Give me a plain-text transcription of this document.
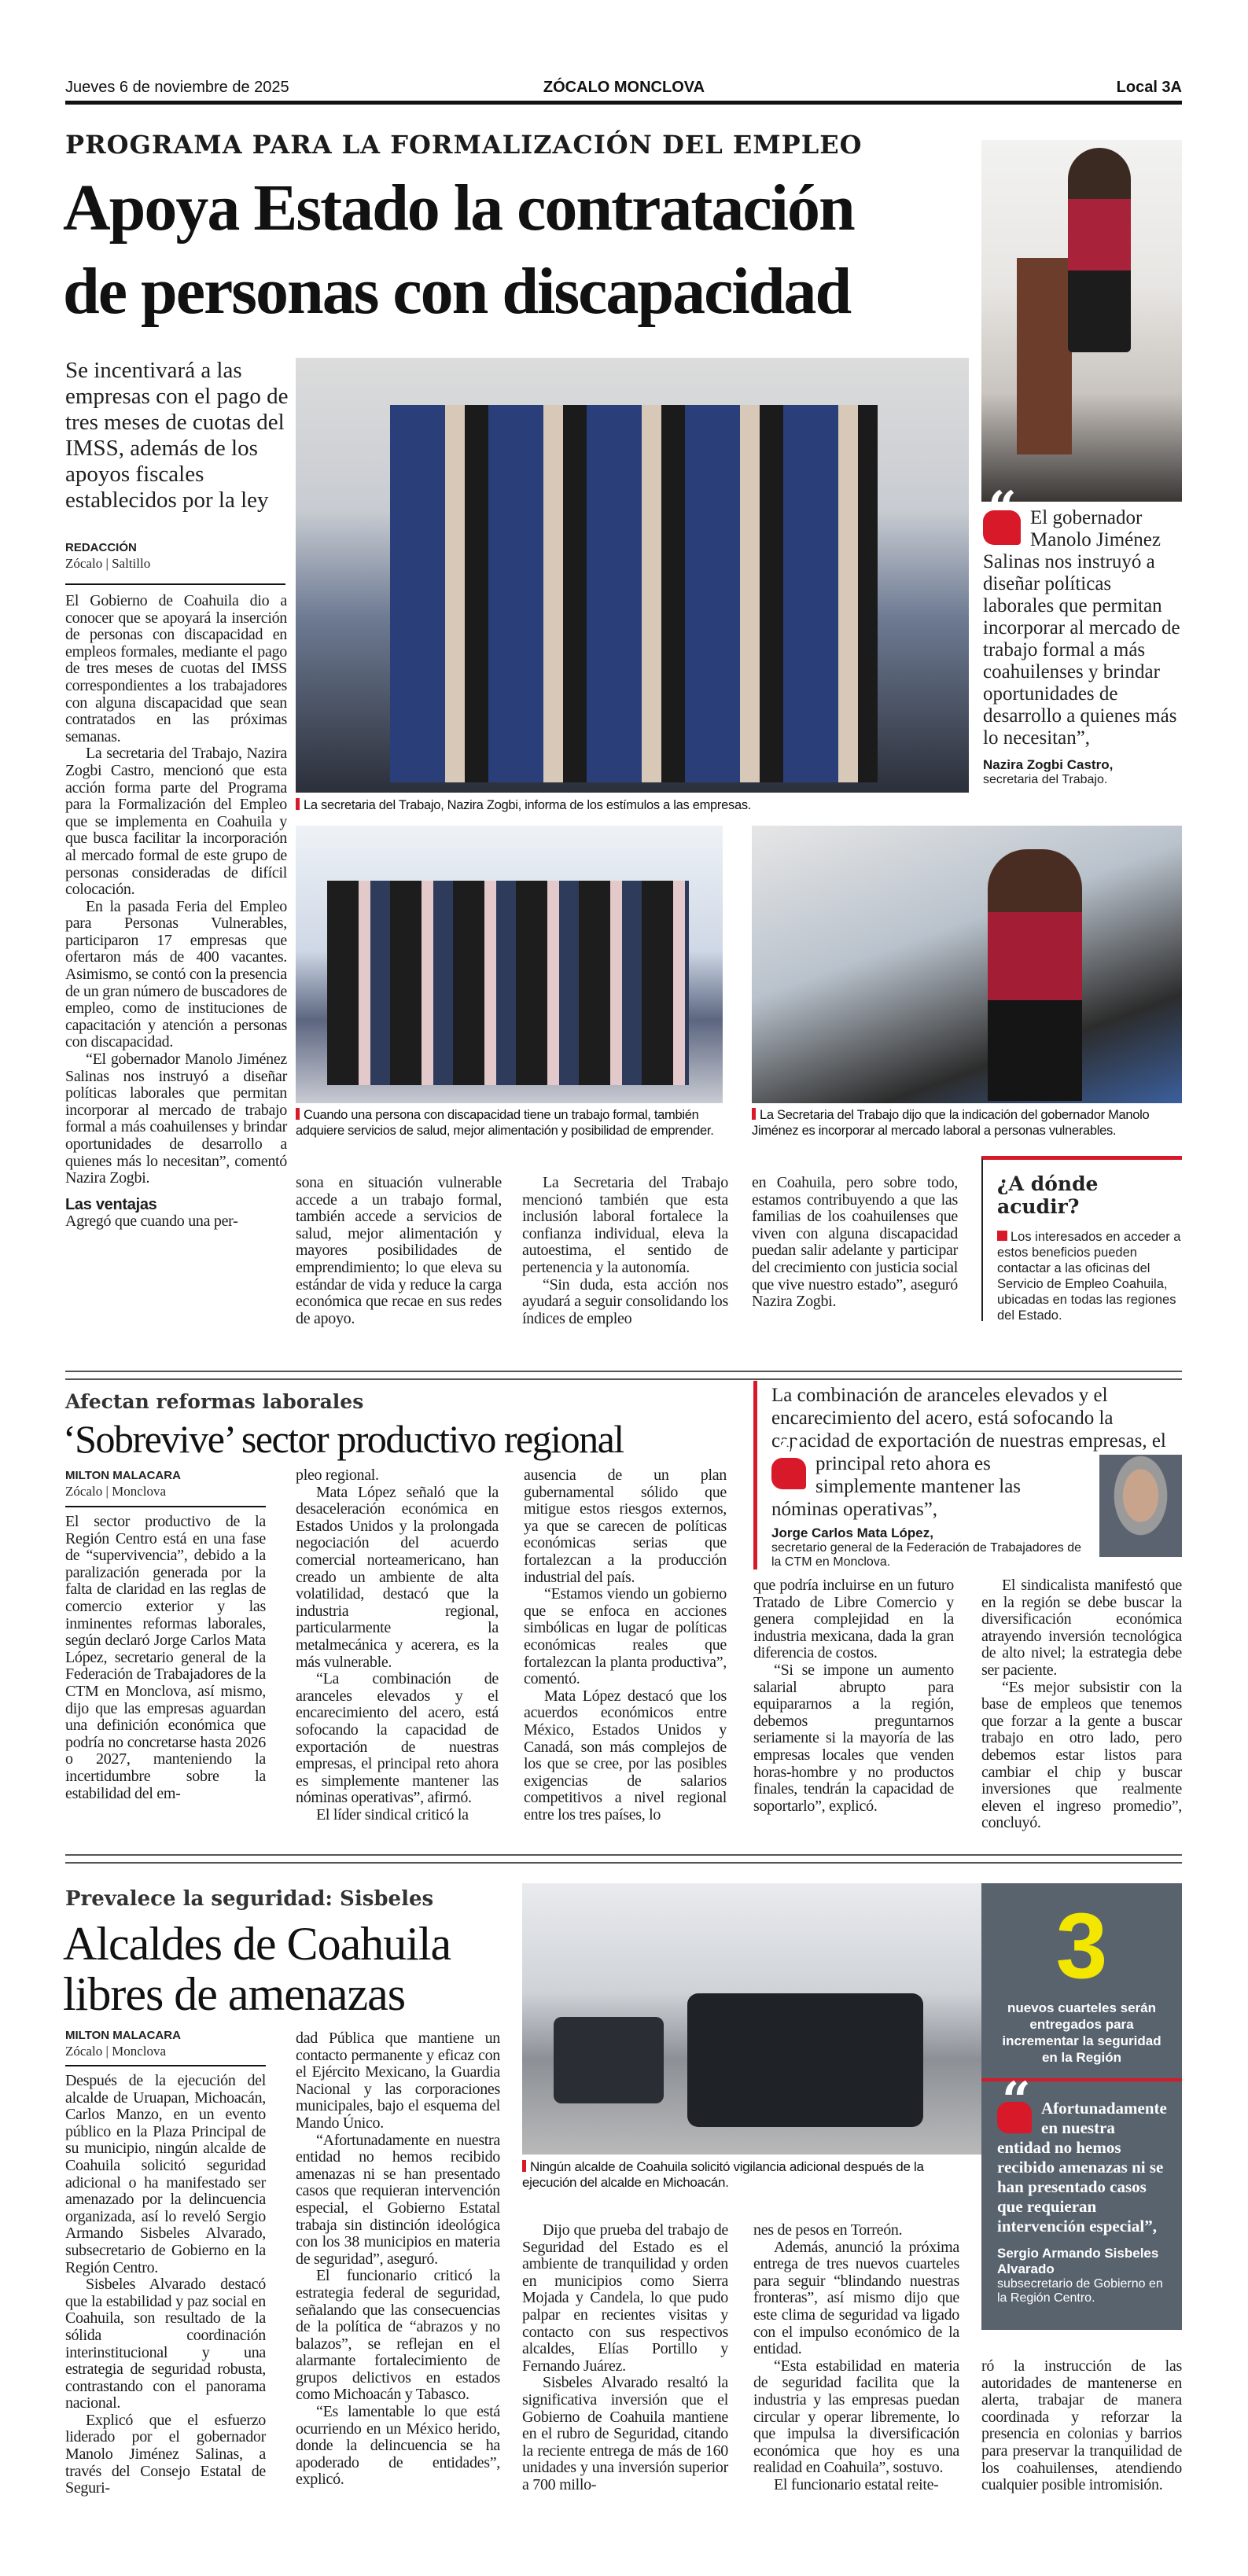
Jueves 6 de noviembre de 2025	ZÓCALO MONCLOVA	Local 3A
PROGRAMA PARA LA FORMALIZACIÓN DEL EMPLEO
Apoya Estado la contratación
de personas con discapacidad
Se incentivará a las empresas con el pago de tres meses de cuotas del IMSS, además de los apoyos fiscales establecidos por la ley
REDACCIÓN
Zócalo | Saltillo

El Gobierno de Coahuila dio a conocer que se apoyará la inserción de personas con discapacidad en empleos formales, mediante el pago de tres meses de cuotas del IMSS correspondientes a los trabajadores con alguna discapacidad que sean contratados en las próximas semanas.

La secretaria del Trabajo, Nazira Zogbi Castro, mencionó que esta acción forma parte del Programa para la Formalización del Empleo que se implementa en Coahuila y que busca facilitar la incorporación al mercado formal de este grupo de personas consideradas de difícil colocación.

En la pasada Feria del Empleo para Personas Vulnerables, participaron 17 empresas que ofertaron más de 400 vacantes. Asimismo, se contó con la presencia de un gran número de buscadores de empleo, como de instituciones de capacitación y atención a personas con discapacidad.

“El gobernador Manolo Jiménez Salinas nos instruyó a diseñar políticas laborales que permitan incorporar al mercado de trabajo formal a más coahuilenses y brindar oportunidades de desarrollo a quienes más lo necesitan”, comentó Nazira Zogbi.

Las ventajas

Agregó que cuando una per-

La secretaria del Trabajo, Nazira Zogbi, informa de los estímulos a las empresas.
“
El gobernador Manolo Jiménez Salinas nos instruyó a diseñar políticas laborales que permitan incorporar al mercado de trabajo formal a más coahuilenses y brindar oportunidades de desarrollo a quienes más lo necesitan”,
Nazira Zogbi Castro,
secretaria del Trabajo.
Cuando una persona con discapacidad tiene un trabajo formal, también adquiere servicios de salud, mejor alimentación y posibilidad de emprender.
La Secretaria del Trabajo dijo que la indicación del gobernador Manolo Jiménez es incorporar al mercado laboral a personas vulnerables.

sona en situación vulnerable accede a un trabajo formal, también accede a servicios de salud, mejor alimentación y mayores posibilidades de emprendimiento; lo que eleva su estándar de vida y reduce la carga económica que recae en sus redes de apoyo.

La Secretaria del Trabajo mencionó también que esta inclusión laboral fortalece la confianza individual, eleva la autoestima, el sentido de pertenencia y la autonomía.

“Sin duda, esta acción nos ayudará a seguir consolidando los índices de empleo

en Coahuila, pero sobre todo, estamos contribuyendo a que las familias de los coahuilenses que viven con alguna discapacidad puedan salir adelante y participar del crecimiento con justicia social que vive nuestro estado”, aseguró Nazira Zogbi.

¿A dónde acudir?
Los interesados en acceder a estos beneficios pueden contactar a las oficinas del Servicio de Empleo Coahuila, ubicadas en todas las regiones del Estado.
Afectan reformas laborales
‘Sobrevive’ sector productivo regional
MILTON MALACARA
Zócalo | Monclova

El sector productivo de la Región Centro está en una fase de “supervivencia”, debido a la paralización generada por la falta de claridad en las reglas de comercio exterior y las inminentes reformas laborales, según declaró Jorge Carlos Mata López, secretario general de la Federación de Trabajadores de la CTM en Monclova, así mismo, dijo que las empresas aguardan una definición económica que podría no concretarse hasta 2026 o 2027, manteniendo la incertidumbre sobre la estabilidad del em-

pleo regional.

Mata López señaló que la desaceleración económica en Estados Unidos y la prolongada negociación del acuerdo comercial norteamericano, han creado un ambiente de alta volatilidad, destacó que la industria regional, particularmente la metalmecánica y acerera, es la más vulnerable.

“La combinación de aranceles elevados y el encarecimiento del acero, está sofocando la capacidad de exportación de nuestras empresas, el principal reto ahora es simplemente mantener las nóminas operativas”, afirmó.

El líder sindical criticó la

ausencia de un plan gubernamental sólido que mitigue estos riesgos externos, ya que se carecen de políticas económicas serias que fortalezcan a la producción industrial del país.

“Estamos viendo un gobierno que se enfoca en acciones simbólicas en lugar de políticas económicas reales que fortalezcan la planta productiva”, comentó.

Mata López destacó que los acuerdos económicos entre México, Estados Unidos y Canadá, son más complejos de los que se cree, por las posibles exigencias de salarios competitivos a nivel regional entre los tres países, lo

“
La combinación de aranceles elevados y el encarecimiento del acero, está sofocando la capacidad de exportación de nuestras empresas, el principal reto ahora es simplemente mantener las nóminas operativas”,
Jorge Carlos Mata López,
secretario general de la Federación de Trabajadores de la CTM en Monclova.

que podría incluirse en un futuro Tratado de Libre Comercio y genera complejidad en la industria mexicana, dada la gran diferencia de costos.

“Si se impone un aumento salarial abrupto para equipararnos a la región, debemos preguntarnos seriamente si la mayoría de las empresas locales que venden horas-hombre y no productos finales, tendrán la capacidad de soportarlo”, explicó.

El sindicalista manifestó que en la región se debe buscar la diversificación económica atrayendo inversión tecnológica de alto nivel; la estrategia debe ser paciente.

“Es mejor subsistir con la base de empleos que tenemos que forzar a la gente a buscar trabajo en otro lado, pero debemos estar listos para cambiar el chip y buscar inversiones que realmente eleven el ingreso promedio”, concluyó.

Prevalece la seguridad: Sisbeles
Alcaldes de Coahuila
libres de amenazas
MILTON MALACARA
Zócalo | Monclova

Después de la ejecución del alcalde de Uruapan, Michoacán, Carlos Manzo, en un evento público en la Plaza Principal de su municipio, ningún alcalde de Coahuila solicitó seguridad adicional o ha manifestado ser amenazado por la delincuencia organizada, así lo reveló Sergio Armando Sisbeles Alvarado, subsecretario de Gobierno en la Región Centro.

Sisbeles Alvarado destacó que la estabilidad y paz social en Coahuila, son resultado de la sólida coordinación interinstitucional y una estrategia de seguridad robusta, contrastando con el panorama nacional.

Explicó que el esfuerzo liderado por el gobernador Manolo Jiménez Salinas, a través del Consejo Estatal de Seguri-

dad Pública que mantiene un contacto permanente y eficaz con el Ejército Mexicano, la Guardia Nacional y las corporaciones municipales, bajo el esquema del Mando Único.

“Afortunadamente en nuestra entidad no hemos recibido amenazas ni se han presentado casos que requieran intervención especial, el Gobierno Estatal trabaja sin distinción ideológica con los 38 municipios en materia de seguridad”, aseguró.

El funcionario criticó la estrategia federal de seguridad, señalando que las consecuencias de la política de “abrazos y no balazos”, se reflejan en el alarmante fortalecimiento de grupos delictivos en estados como Michoacán y Tabasco.

“Es lamentable lo que está ocurriendo en un México herido, donde la delincuencia se ha apoderado de entidades”, explicó.

Ningún alcalde de Coahuila solicitó vigilancia adicional después de la ejecución del alcalde en Michoacán.
3
nuevos cuarteles serán entregados para incrementar la seguridad en la Región
“
Afortunadamente en nuestra entidad no hemos recibido amenazas ni se han presentado casos que requieran intervención especial”,
Sergio Armando Sisbeles Alvarado
subsecretario de Gobierno en la Región Centro.

ró la instrucción de las autoridades de mantenerse en alerta, trabajar de manera coordinada y reforzar la presencia en colonias y barrios para preservar la tranquilidad de los coahuilenses, atendiendo cualquier posible intromisión.

Dijo que prueba del trabajo de Seguridad del Estado es el ambiente de tranquilidad y orden en municipios como Sierra Mojada y Candela, lo que pudo palpar en recientes visitas y contacto con sus respectivos alcaldes, Elías Portillo y Fernando Juárez.

Sisbeles Alvarado resaltó la significativa inversión que el Gobierno de Coahuila mantiene en el rubro de Seguridad, citando la reciente entrega de más de 160 unidades y una inversión superior a 700 millo-

nes de pesos en Torreón.

Además, anunció la próxima entrega de tres nuevos cuarteles para seguir “blindando nuestras fronteras”, así mismo dijo que este clima de seguridad va ligado con el impulso económico de la entidad.

“Esta estabilidad en materia de seguridad facilita que la industria y las empresas puedan circular y operar libremente, lo que impulsa la diversificación económica que hoy es una realidad en Coahuila”, sostuvo.

El funcionario estatal reite-
